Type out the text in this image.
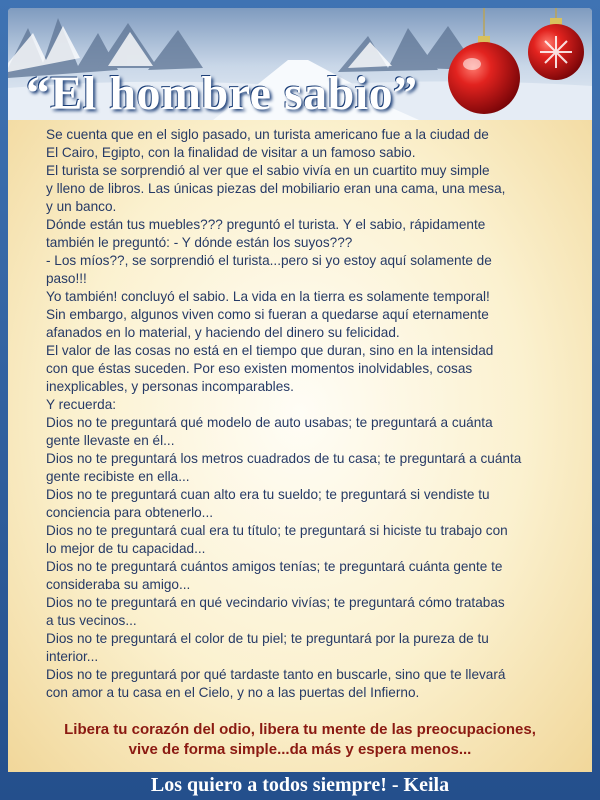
“El hombre sabio”

Se cuenta que en el siglo pasado, un turista americano fue a la ciudad de

El Cairo, Egipto, con la finalidad de visitar a un famoso sabio.

El turista se sorprendió al ver que el sabio vivía en un cuartito muy simple

y lleno de libros. Las únicas piezas del mobiliario eran una cama, una mesa,

y un banco.

Dónde están tus muebles??? preguntó el turista. Y el sabio, rápidamente

también le preguntó: - Y dónde están los suyos???

- Los míos??, se sorprendió el turista...pero si yo estoy aquí solamente de

paso!!!

Yo también! concluyó el sabio. La vida en la tierra es solamente temporal!

Sin embargo, algunos viven como si fueran a quedarse aquí eternamente

afanados en lo material, y haciendo del dinero su felicidad.

El valor de las cosas no está en el tiempo que duran, sino en la intensidad

con que éstas suceden. Por eso existen momentos inolvidables, cosas

inexplicables, y personas incomparables.

Y recuerda:

Dios no te preguntará qué modelo de auto usabas; te preguntará a cuánta

gente llevaste en él...

Dios no te preguntará los metros cuadrados de tu casa; te preguntará a cuánta

gente recibiste en ella...

Dios no te preguntará cuan alto era tu sueldo; te preguntará si vendiste tu

conciencia para obtenerlo...

Dios no te preguntará cual era tu título; te preguntará si hiciste tu trabajo con

lo mejor de tu capacidad...

Dios no te preguntará cuántos amigos tenías; te preguntará cuánta gente te

consideraba su amigo...

Dios no te preguntará en qué vecindario vivías; te preguntará cómo tratabas

a tus vecinos...

Dios no te preguntará el color de tu piel; te preguntará por la pureza de tu

interior...

Dios no te preguntará por qué tardaste tanto en buscarle, sino que te llevará

con amor a tu casa en el Cielo, y no a las puertas del Infierno.

Libera tu corazón del odio, libera tu mente de las preocupaciones,

vive de forma simple...da más y espera menos...

Los quiero a todos siempre! - Keila
